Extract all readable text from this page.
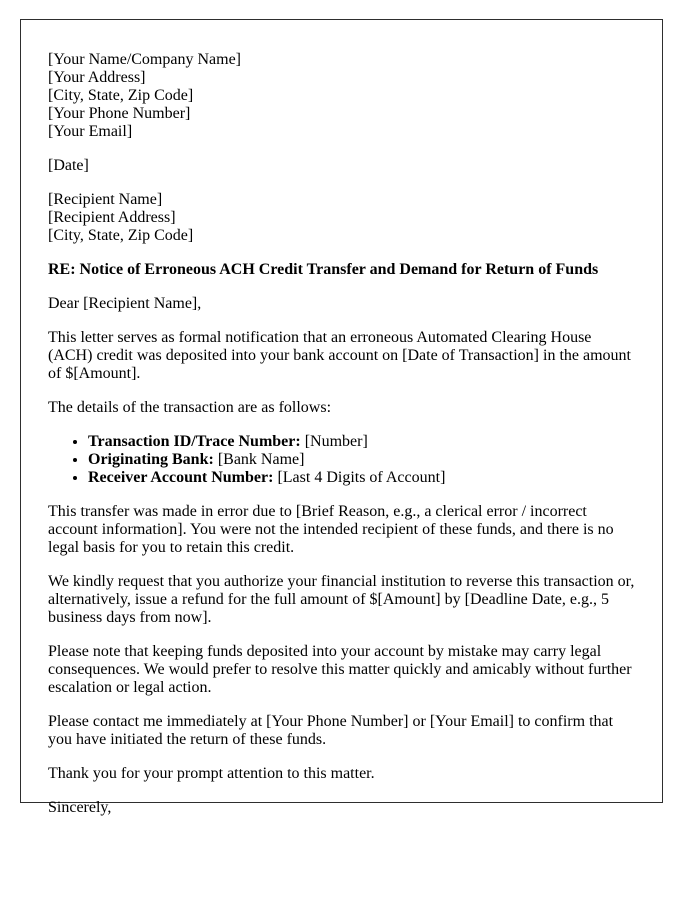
[Your Name/Company Name]
[Your Address]
[City, State, Zip Code]
[Your Phone Number]
[Your Email]

[Date]

[Recipient Name]
[Recipient Address]
[City, State, Zip Code]

RE: Notice of Erroneous ACH Credit Transfer and Demand for Return of Funds

Dear [Recipient Name],

This letter serves as formal notification that an erroneous Automated Clearing House (ACH) credit was deposited into your bank account on [Date of Transaction] in the amount of $[Amount].

The details of the transaction are as follows:

• Transaction ID/Trace Number: [Number]
• Originating Bank: [Bank Name]
• Receiver Account Number: [Last 4 Digits of Account]

This transfer was made in error due to [Brief Reason, e.g., a clerical error / incorrect account information]. You were not the intended recipient of these funds, and there is no legal basis for you to retain this credit.

We kindly request that you authorize your financial institution to reverse this transaction or, alternatively, issue a refund for the full amount of $[Amount] by [Deadline Date, e.g., 5 business days from now].

Please note that keeping funds deposited into your account by mistake may carry legal consequences. We would prefer to resolve this matter quickly and amicably without further escalation or legal action.

Please contact me immediately at [Your Phone Number] or [Your Email] to confirm that you have initiated the return of these funds.

Thank you for your prompt attention to this matter.

Sincerely,
